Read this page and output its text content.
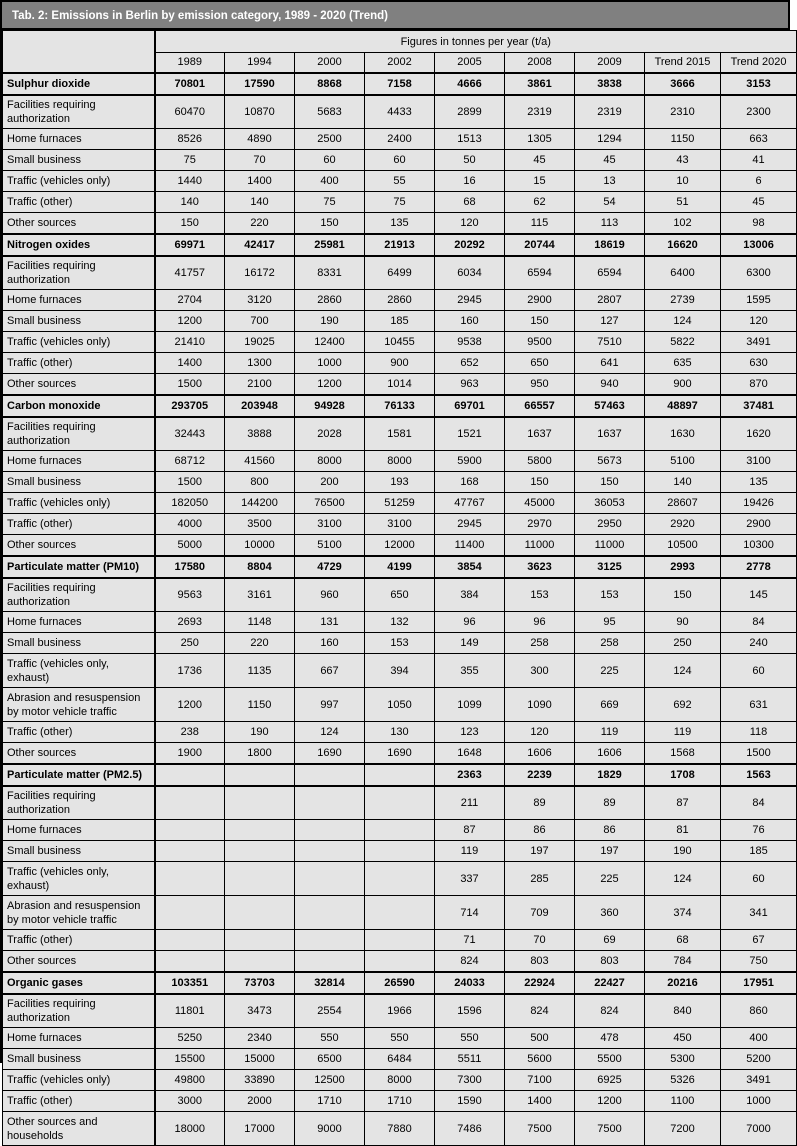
Tab. 2: Emissions in Berlin by emission category, 1989 - 2020 (Trend)
	Figures in tonnes per year (t/a)								
	1989	1994	2000	2002	2005	2008	2009	Trend 2015	Trend 2020
Sulphur dioxide	70801	17590	8868	7158	4666	3861	3838	3666	3153
Facilities requiring authorization	60470	10870	5683	4433	2899	2319	2319	2310	2300
Home furnaces	8526	4890	2500	2400	1513	1305	1294	1150	663
Small business	75	70	60	60	50	45	45	43	41
Traffic (vehicles only)	1440	1400	400	55	16	15	13	10	6
Traffic (other)	140	140	75	75	68	62	54	51	45
Other sources	150	220	150	135	120	115	113	102	98
Nitrogen oxides	69971	42417	25981	21913	20292	20744	18619	16620	13006
Facilities requiring authorization	41757	16172	8331	6499	6034	6594	6594	6400	6300
Home furnaces	2704	3120	2860	2860	2945	2900	2807	2739	1595
Small business	1200	700	190	185	160	150	127	124	120
Traffic (vehicles only)	21410	19025	12400	10455	9538	9500	7510	5822	3491
Traffic (other)	1400	1300	1000	900	652	650	641	635	630
Other sources	1500	2100	1200	1014	963	950	940	900	870
Carbon monoxide	293705	203948	94928	76133	69701	66557	57463	48897	37481
Facilities requiring authorization	32443	3888	2028	1581	1521	1637	1637	1630	1620
Home furnaces	68712	41560	8000	8000	5900	5800	5673	5100	3100
Small business	1500	800	200	193	168	150	150	140	135
Traffic (vehicles only)	182050	144200	76500	51259	47767	45000	36053	28607	19426
Traffic (other)	4000	3500	3100	3100	2945	2970	2950	2920	2900
Other sources	5000	10000	5100	12000	11400	11000	11000	10500	10300
Particulate matter (PM10)	17580	8804	4729	4199	3854	3623	3125	2993	2778
Facilities requiring authorization	9563	3161	960	650	384	153	153	150	145
Home furnaces	2693	1148	131	132	96	96	95	90	84
Small business	250	220	160	153	149	258	258	250	240
Traffic (vehicles only, exhaust)	1736	1135	667	394	355	300	225	124	60
Abrasion and resuspension by motor vehicle traffic	1200	1150	997	1050	1099	1090	669	692	631
Traffic (other)	238	190	124	130	123	120	119	119	118
Other sources	1900	1800	1690	1690	1648	1606	1606	1568	1500
Particulate matter (PM2.5)					2363	2239	1829	1708	1563
Facilities requiring authorization					211	89	89	87	84
Home furnaces					87	86	86	81	76
Small business					119	197	197	190	185
Traffic (vehicles only, exhaust)					337	285	225	124	60
Abrasion and resuspension by motor vehicle traffic					714	709	360	374	341
Traffic (other)					71	70	69	68	67
Other sources					824	803	803	784	750
Organic gases	103351	73703	32814	26590	24033	22924	22427	20216	17951
Facilities requiring authorization	11801	3473	2554	1966	1596	824	824	840	860
Home furnaces	5250	2340	550	550	550	500	478	450	400
Small business	15500	15000	6500	6484	5511	5600	5500	5300	5200
Traffic (vehicles only)	49800	33890	12500	8000	7300	7100	6925	5326	3491
Traffic (other)	3000	2000	1710	1710	1590	1400	1200	1100	1000
Other sources and households	18000	17000	9000	7880	7486	7500	7500	7200	7000
